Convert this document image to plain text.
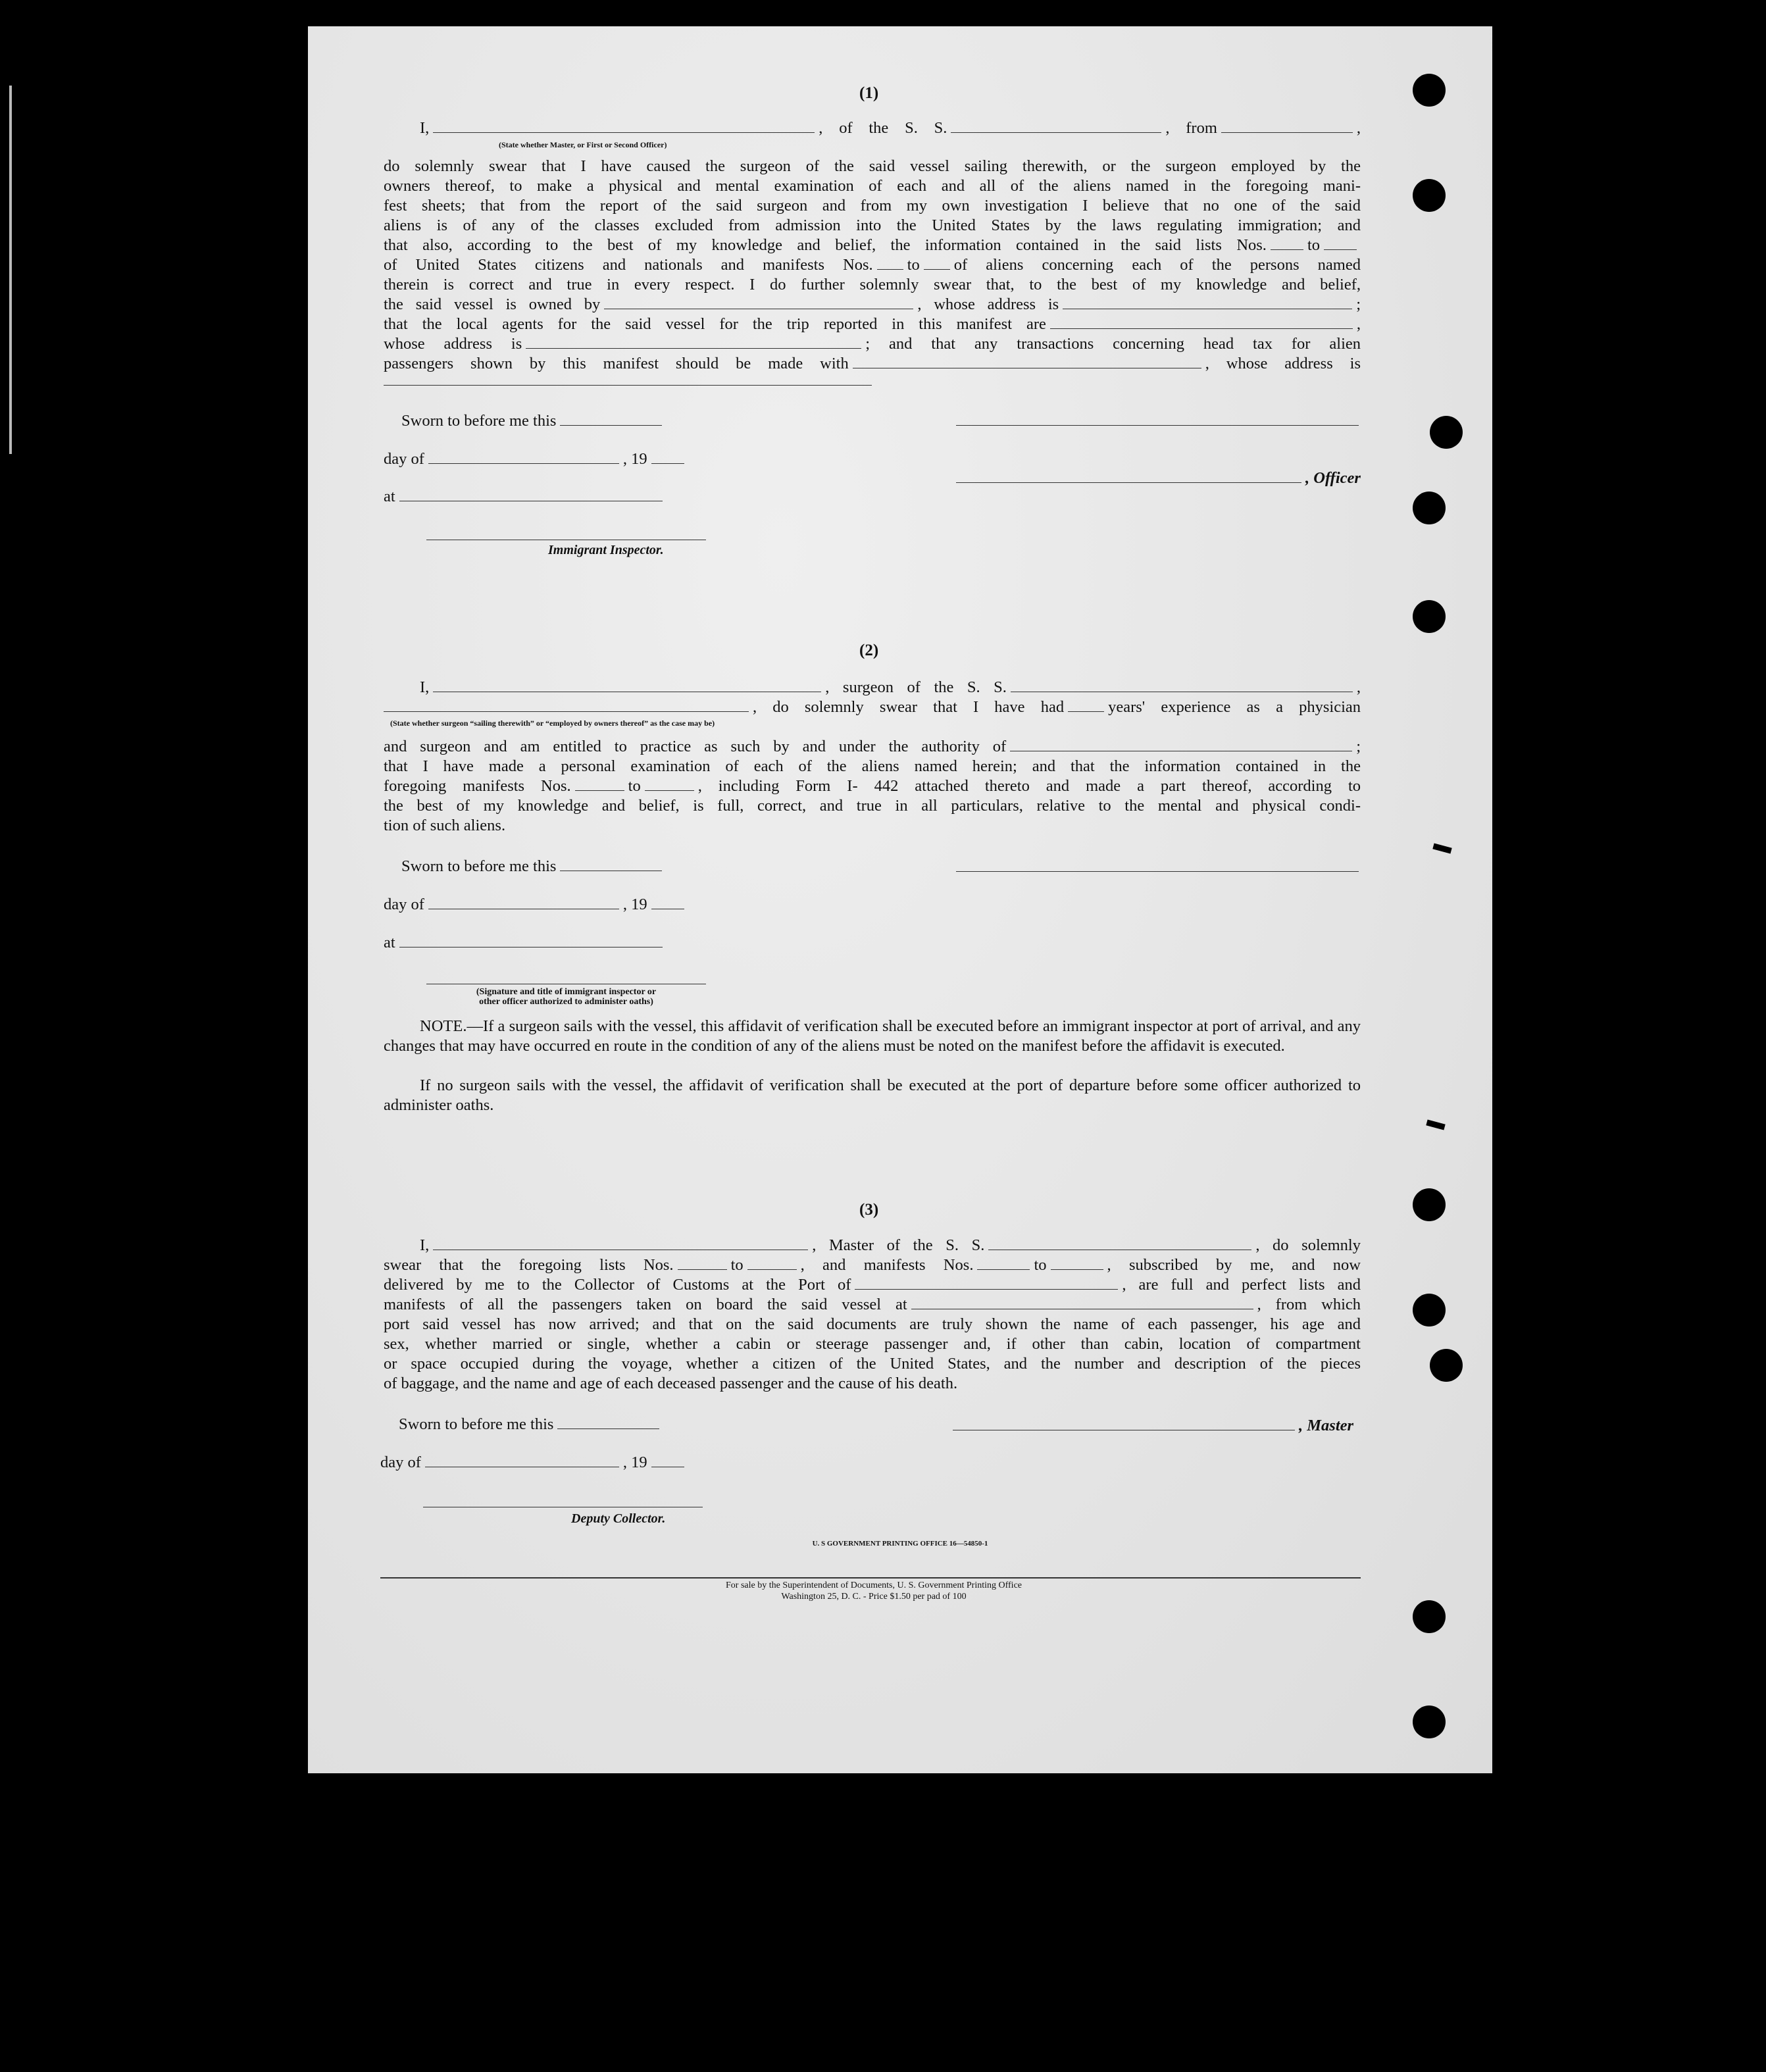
(1)
I,	, of the S. S.	, from	,
(State whether Master, or First or Second Officer)
do solemnly swear that I have caused the surgeon of the said vessel sailing therewith, or the surgeon employed by the
owners thereof, to make a physical and mental examination of each and all of the aliens named in the foregoing mani-
fest sheets; that from the report of the said surgeon and from my own investigation I believe that no one of the said
aliens is of any of the classes excluded from admission into the United States by the laws regulating immigration; and
that also, according to the best of my knowledge and belief, the information contained in the said lists Nos.	to
of United States citizens and nationals and manifests Nos. to of aliens concerning each of the persons named
therein is correct and true in every respect. I do further solemnly swear that, to the best of my knowledge and belief,
the said vessel is owned by	, whose address is	;
that the local agents for the said vessel for the trip reported in this manifest are	,
whose address is	; and that any transactions concerning head tax for alien
passengers shown by this manifest should be made with	, whose address is
Sworn to before me this
day of	, 19
, Officer
at
Immigrant Inspector.
(2)
I,	, surgeon of the S. S.	,
, do solemnly swear that I have had	years' experience as a physician
(State whether surgeon “sailing therewith” or “employed by owners thereof” as the case may be)
and surgeon and am entitled to practice as such by and under the authority of	;
that I have made a personal examination of each of the aliens named herein; and that the information contained in the
foregoing manifests Nos.	to	, including Form I- 442 attached thereto and made a part thereof, according to
the best of my knowledge and belief, is full, correct, and true in all particulars, relative to the mental and physical condi-
tion of such aliens.
Sworn to before me this
day of	, 19
at
(Signature and title of immigrant inspector or
other officer authorized to administer oaths)
NOTE.—If a surgeon sails with the vessel, this affidavit of verification shall be executed before an immigrant inspector at port of arrival, and any changes that may have occurred en route in the condition of any of the aliens must be noted on the manifest before the affidavit is executed.
If no surgeon sails with the vessel, the affidavit of verification shall be executed at the port of departure before some officer authorized to administer oaths.
(3)
I,	, Master of the S. S.	, do solemnly
swear that the foregoing lists Nos.	to	, and manifests Nos.	to	, subscribed by me, and now
delivered by me to the Collector of Customs at the Port of	, are full and perfect lists and
manifests of all the passengers taken on board the said vessel at	, from which
port said vessel has now arrived; and that on the said documents are truly shown the name of each passenger, his age and
sex, whether married or single, whether a cabin or steerage passenger and, if other than cabin, location of compartment
or space occupied during the voyage, whether a citizen of the United States, and the number and description of the pieces
of baggage, and the name and age of each deceased passenger and the cause of his death.
Sworn to before me this	, Master
day of	, 19
Deputy Collector.
U. S GOVERNMENT PRINTING OFFICE 16—54850-1
For sale by the Superintendent of Documents, U. S. Government Printing Office
Washington 25, D. C. - Price $1.50 per pad of 100
